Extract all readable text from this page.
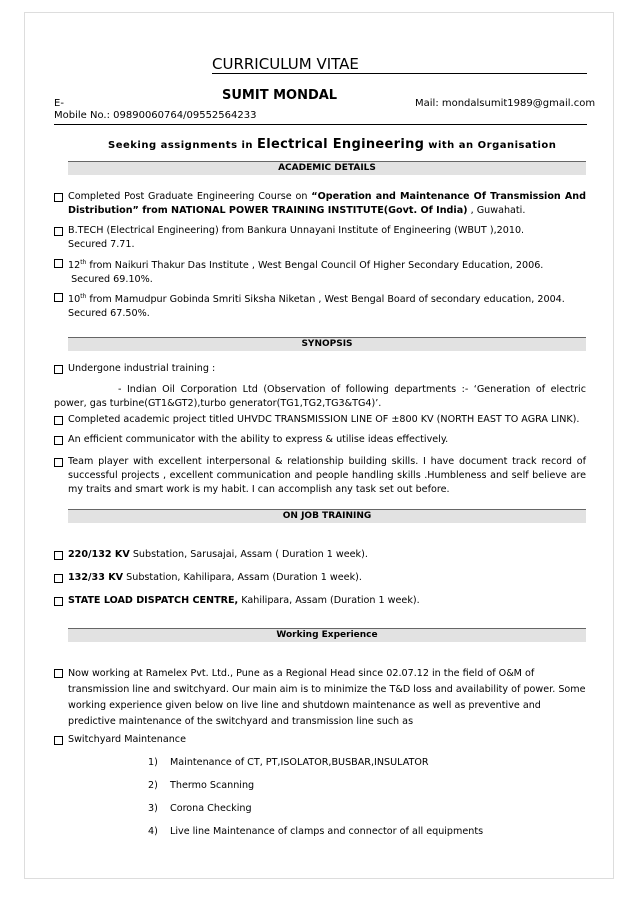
CURRICULUM VITAE
SUMIT MONDAL
E-	Mail: mondalsumit1989@gmail.com
Mobile No.: 09890060764/09552564233
Seeking assignments in Electrical Engineering with an Organisation
ACADEMIC DETAILS
Completed Post Graduate Engineering Course on “Operation and Maintenance Of Transmission And Distribution” from NATIONAL POWER TRAINING INSTITUTE(Govt. Of India) , Guwahati.
B.TECH (Electrical Engineering) from Bankura Unnayani Institute of Engineering (WBUT ),2010.
Secured 7.71.
12th from Naikuri Thakur Das Institute , West Bengal Council Of Higher Secondary Education, 2006.
Secured 69.10%.
10th from Mamudpur Gobinda Smriti Siksha Niketan , West Bengal Board of secondary education, 2004.
Secured 67.50%.
SYNOPSIS
Undergone industrial training :
- Indian Oil Corporation Ltd (Observation of following departments :- ‘Generation of electric power, gas turbine(GT1&GT2),turbo generator(TG1,TG2,TG3&TG4)’.
Completed academic project titled UHVDC TRANSMISSION LINE OF ±800 KV (NORTH EAST TO AGRA LINK).
An efficient communicator with the ability to express & utilise ideas effectively.
Team player with excellent interpersonal & relationship building skills. I have document track record of successful projects , excellent communication and people handling skills .Humbleness and self believe are my traits and smart work is my habit. I can accomplish any task set out before.
ON JOB TRAINING
220/132 KV Substation, Sarusajai, Assam ( Duration 1 week).
132/33 KV Substation, Kahilipara, Assam (Duration 1 week).
STATE LOAD DISPATCH CENTRE, Kahilipara, Assam (Duration 1 week).
Working Experience
Now working at Ramelex Pvt. Ltd., Pune as a Regional Head since 02.07.12 in the field of O&M of transmission line and switchyard. Our main aim is to minimize the T&D loss and availability of power. Some working experience given below on live line and shutdown maintenance as well as preventive and predictive maintenance of the switchyard and transmission line such as
Switchyard Maintenance
1) Maintenance of CT, PT,ISOLATOR,BUSBAR,INSULATOR
2) Thermo Scanning
3) Corona Checking
4) Live line Maintenance of clamps and connector of all equipments
